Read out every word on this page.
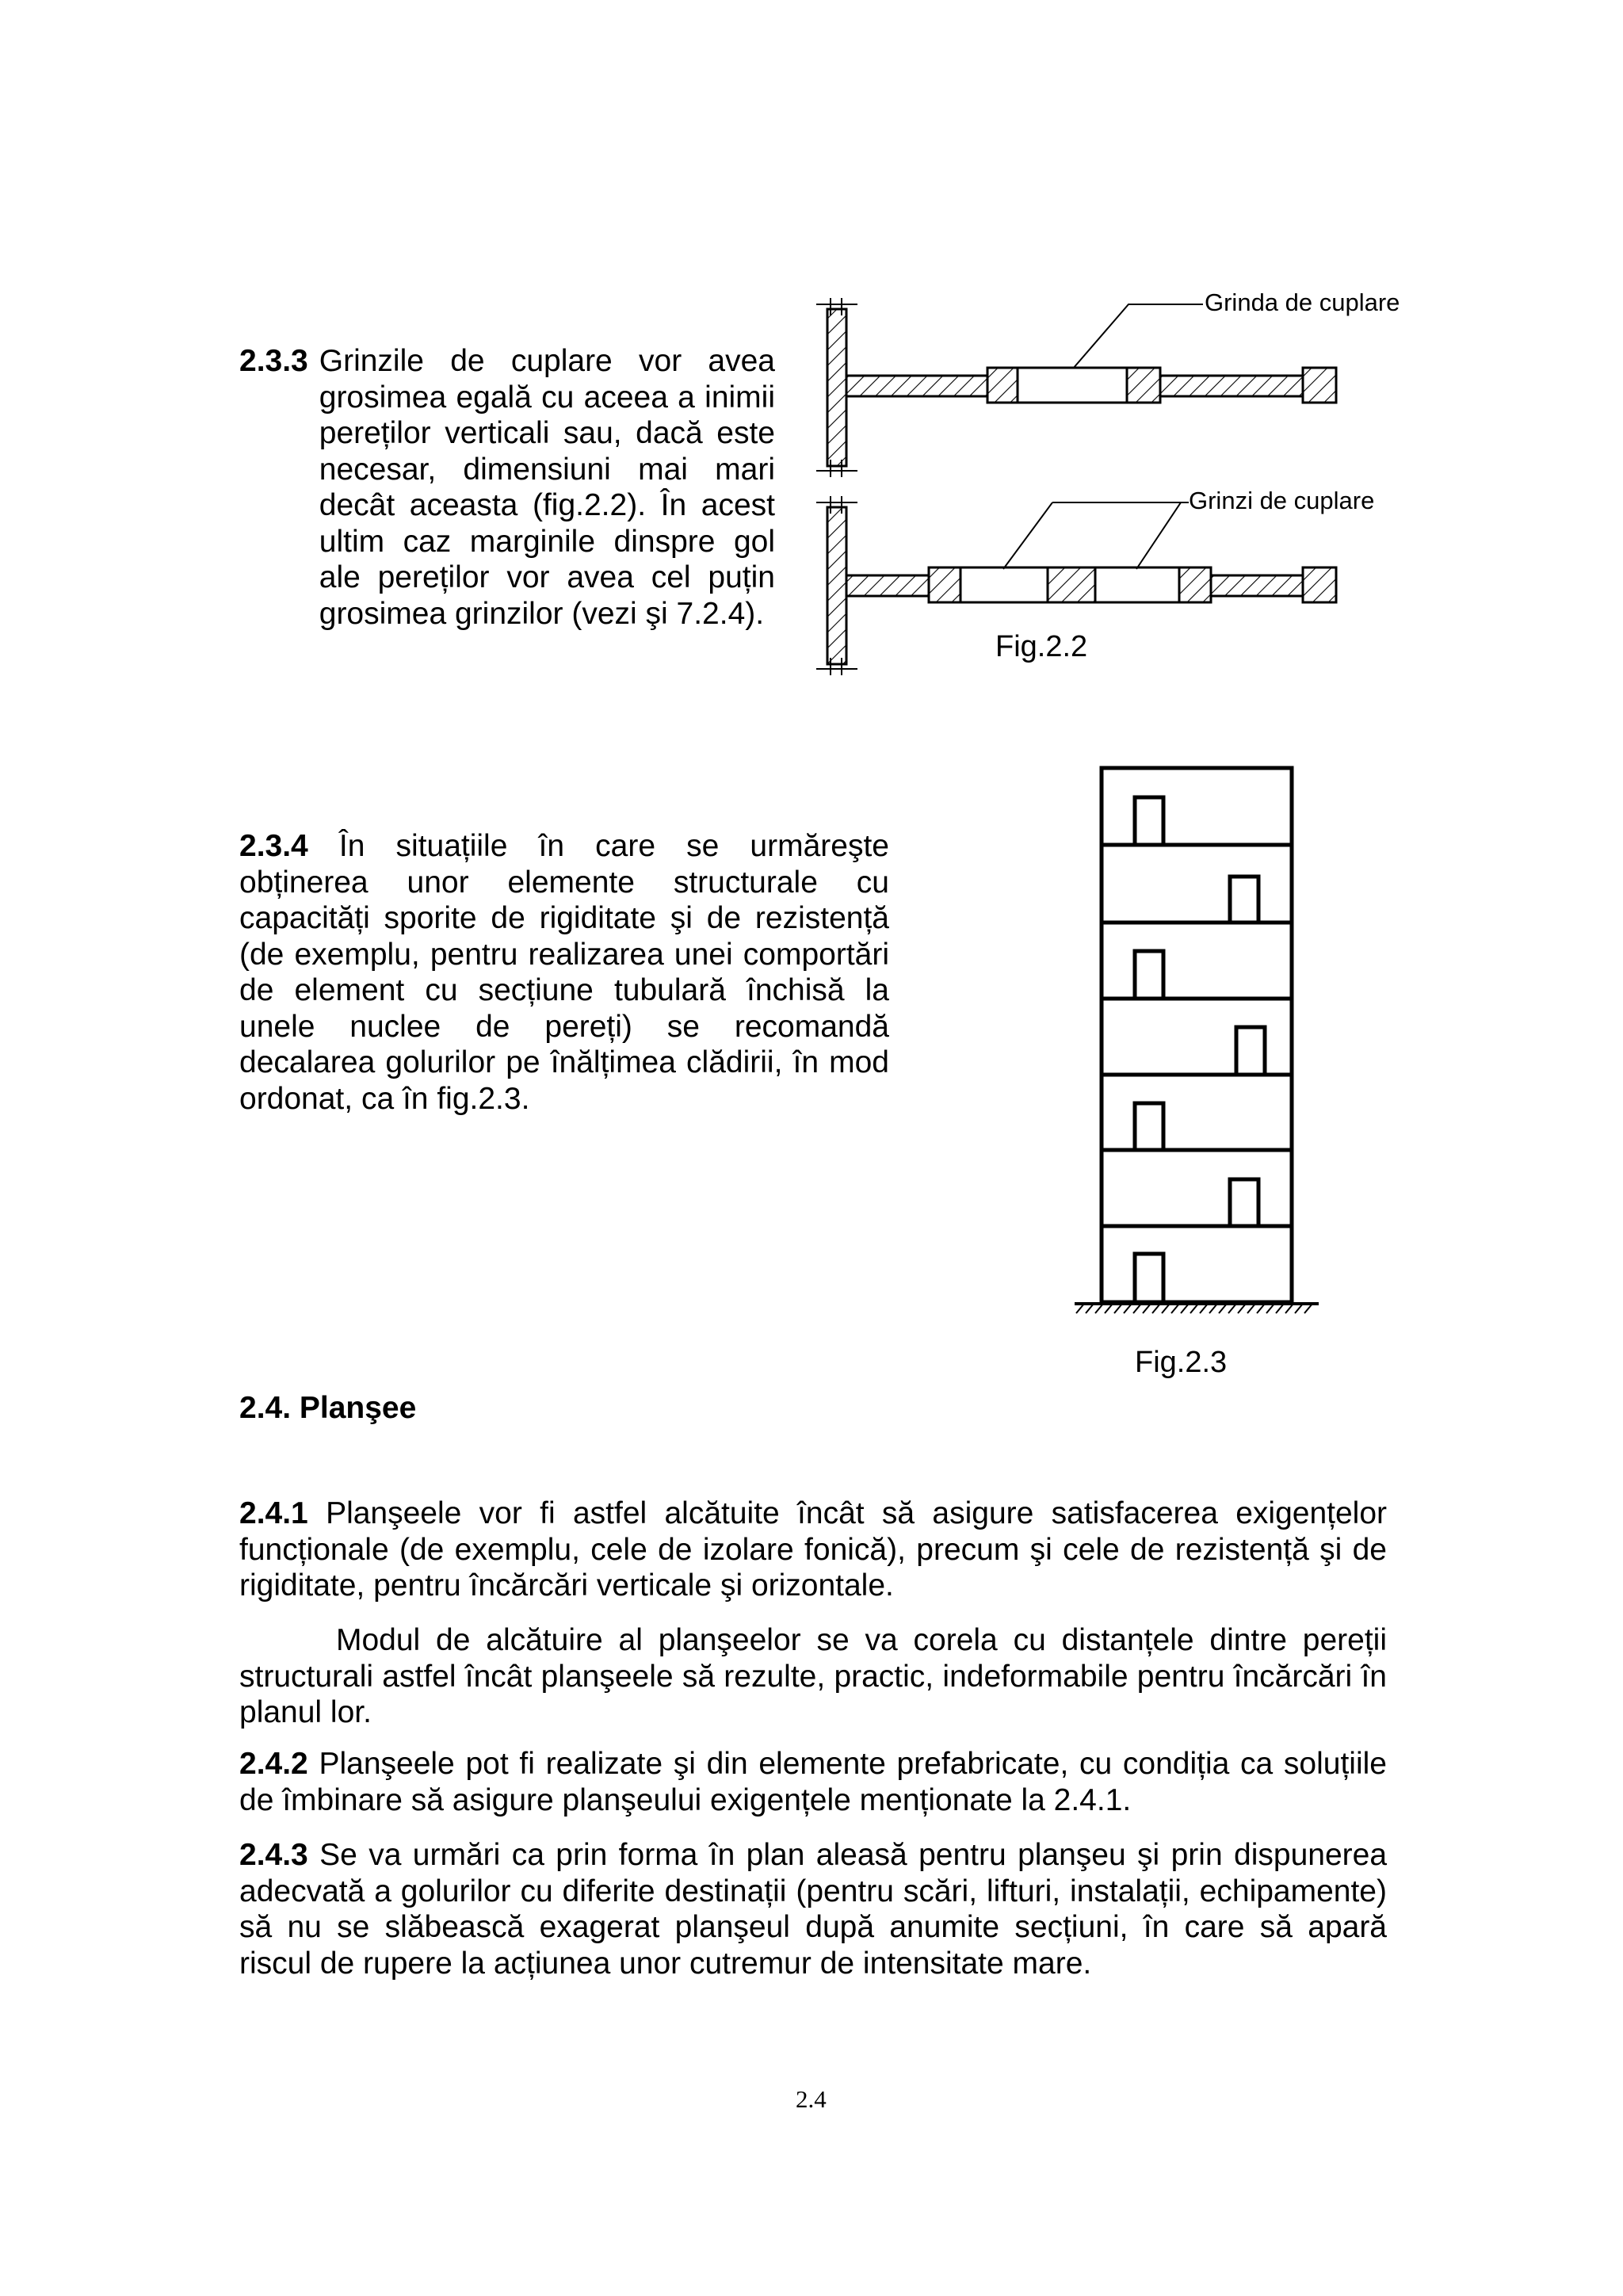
Grinda de cuplare
Grinzi de cuplare
Fig.2.2
Fig.2.3
2.3.3 Grinzile de cuplare vor avea grosimea egală cu aceea a inimii pereților verticali sau, dacă este necesar, dimensiuni mai mari decât aceasta (fig.2.2). În acest ultim caz marginile dinspre gol ale pereților vor avea cel puțin grosimea grinzilor (vezi şi 7.2.4).
2.3.4 În situațiile în care se urmăreşte obținerea unor elemente structurale cu capacități sporite de rigiditate şi de rezistență (de exemplu, pentru realizarea unei comportări de element cu secțiune tubulară închisă la unele nuclee de pereți) se recomandă decalarea golurilor pe înălțimea clădirii, în mod ordonat, ca în fig.2.3.
2.4. Planşee
2.4.1 Planşeele vor fi astfel alcătuite încât să asigure satisfacerea exigențelor funcționale (de exemplu, cele de izolare fonică), precum şi cele de rezistență şi de rigiditate, pentru încărcări verticale şi orizontale.
Modul de alcătuire al planşeelor se va corela cu distanțele dintre pereții structurali astfel încât planşeele să rezulte, practic, indeformabile pentru încărcări în planul lor.
2.4.2 Planşeele pot fi realizate şi din elemente prefabricate, cu condiția ca soluțiile de îmbinare să asigure planşeului exigențele menționate la 2.4.1.
2.4.3 Se va urmări ca prin forma în plan aleasă pentru planşeu şi prin dispunerea adecvată a golurilor cu diferite destinații (pentru scări, lifturi, instalații, echipamente) să nu se slăbească exagerat planşeul după anumite secțiuni, în care să apară riscul de rupere la acțiunea unor cutremur de intensitate mare.
2.4
